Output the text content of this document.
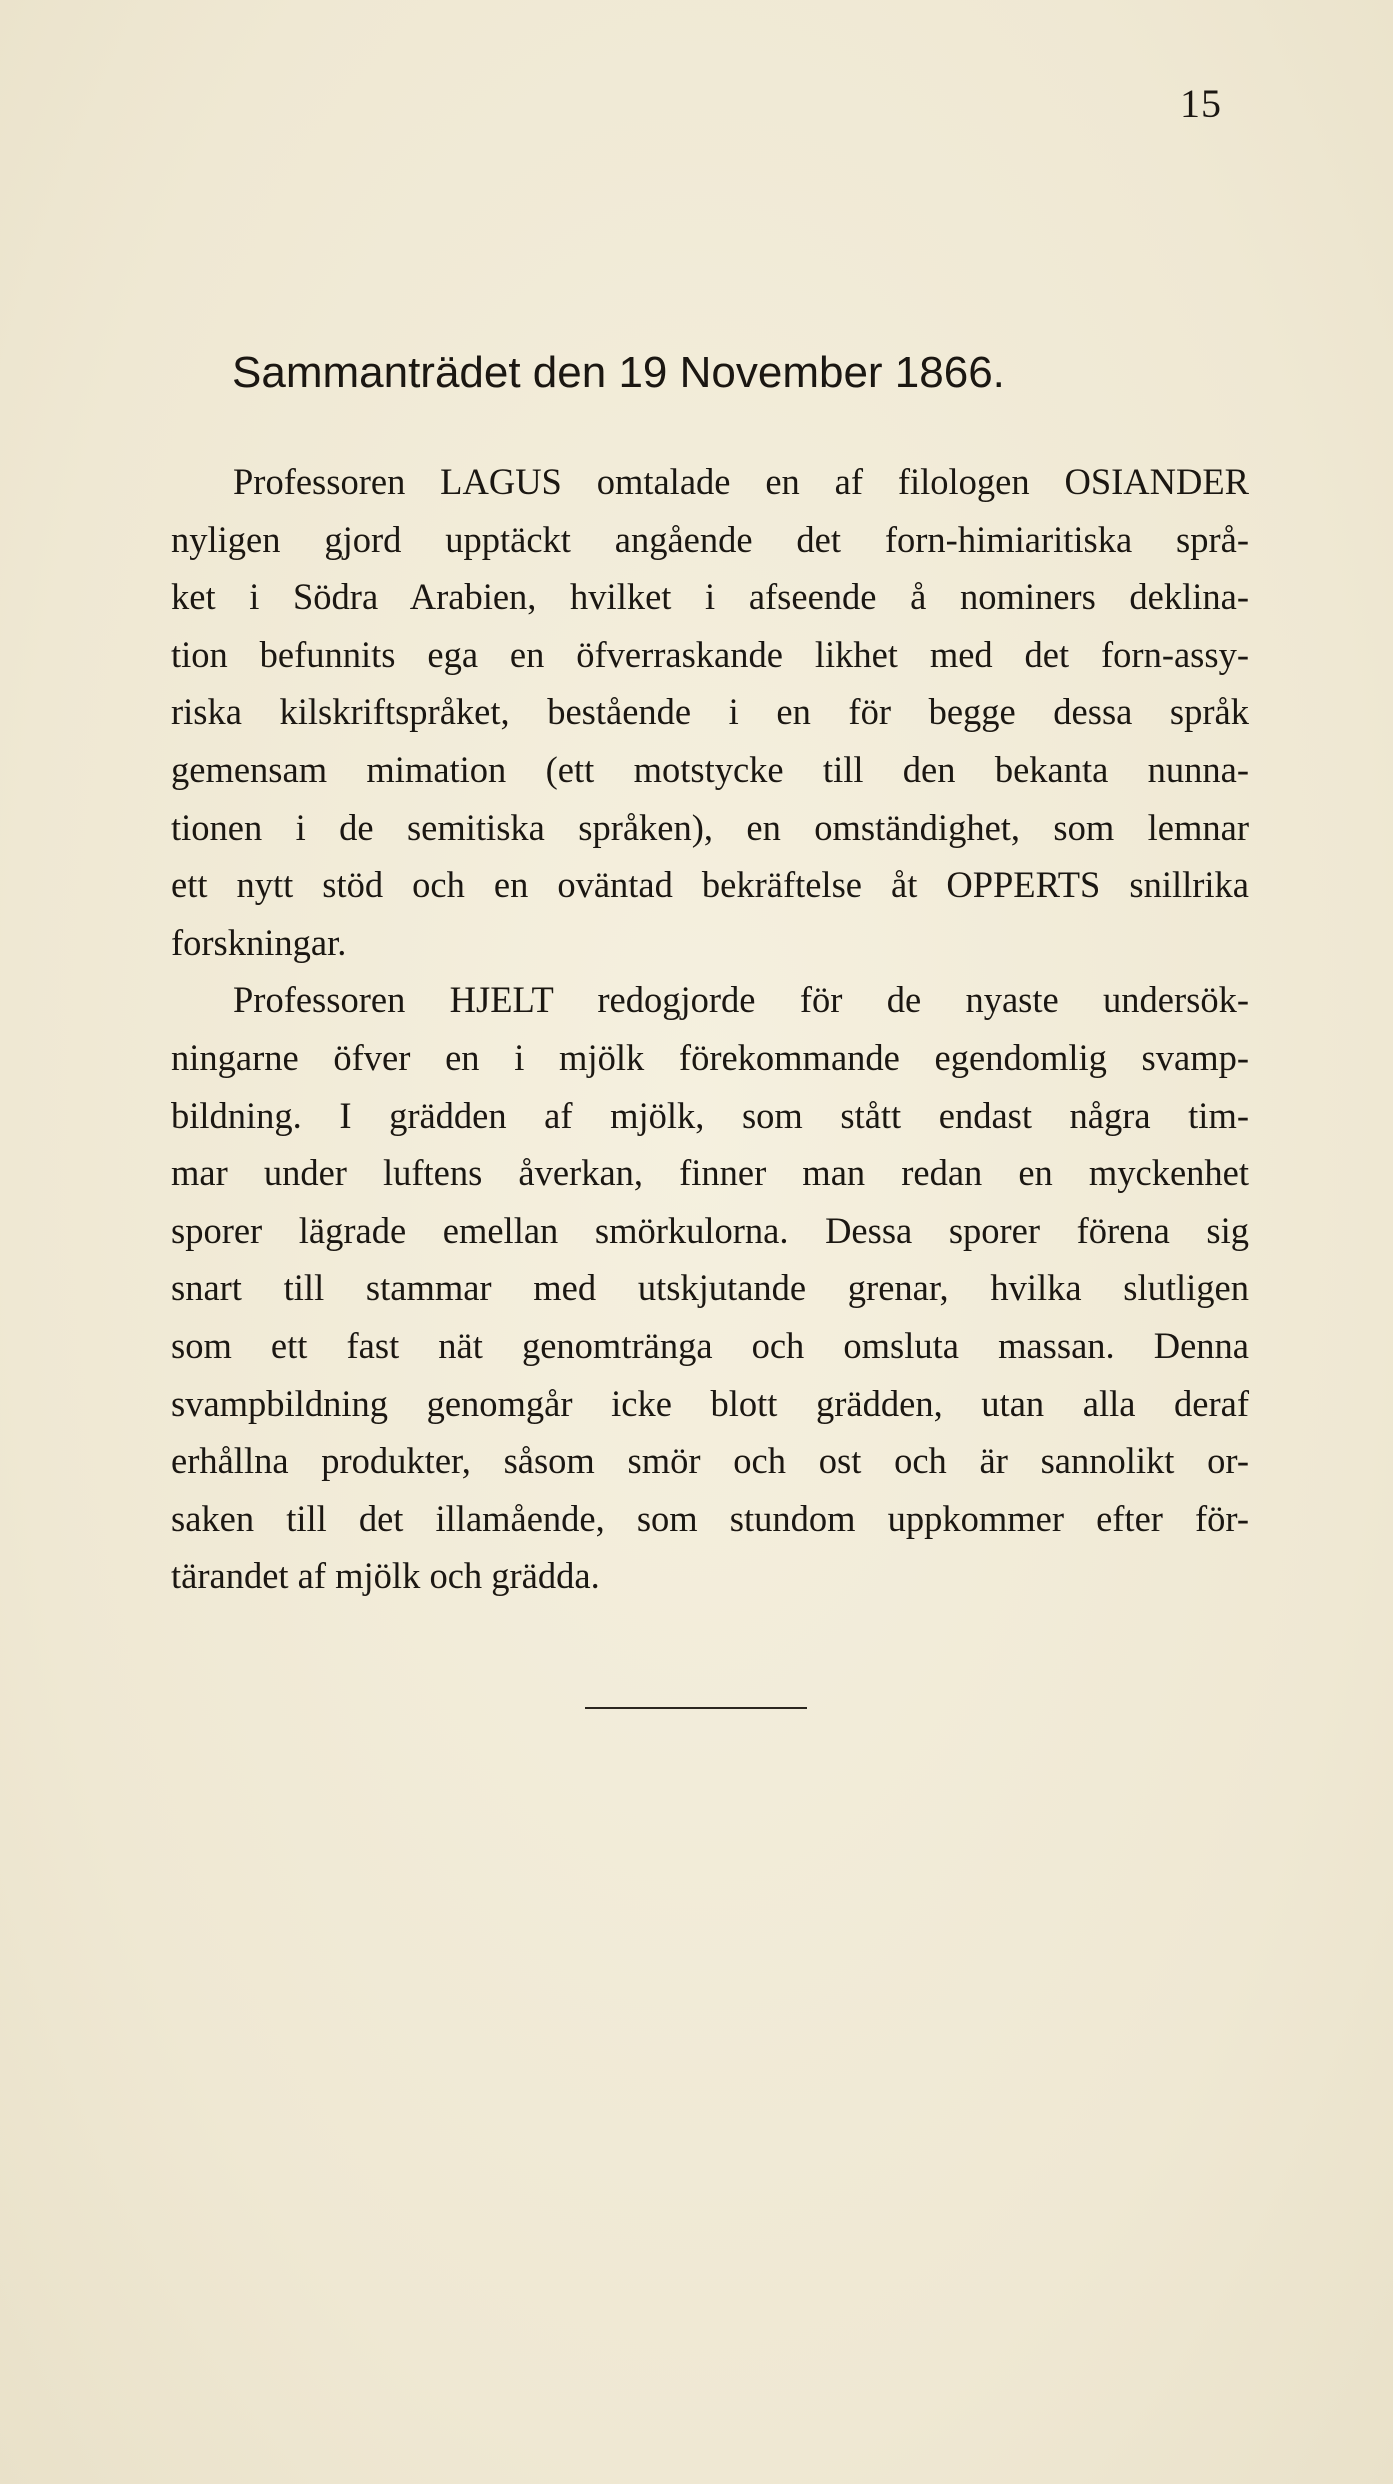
15
Sammanträdet den 19 November 1866.
Professoren LAGUS omtalade en af filologen OSIANDER
nyligen gjord upptäckt angående det forn-himiaritiska språ-
ket i Södra Arabien, hvilket i afseende å nominers deklina-
tion befunnits ega en öfverraskande likhet med det forn-assy-
riska kilskriftspråket, bestående i en för begge dessa språk
gemensam mimation (ett motstycke till den bekanta nunna-
tionen i de semitiska språken), en omständighet, som lemnar
ett nytt stöd och en oväntad bekräftelse åt OPPERTS snillrika
forskningar.
Professoren HJELT redogjorde för de nyaste undersök-
ningarne öfver en i mjölk förekommande egendomlig svamp-
bildning. I grädden af mjölk, som stått endast några tim-
mar under luftens åverkan, finner man redan en myckenhet
sporer lägrade emellan smörkulorna. Dessa sporer förena sig
snart till stammar med utskjutande grenar, hvilka slutligen
som ett fast nät genomtränga och omsluta massan. Denna
svampbildning genomgår icke blott grädden, utan alla deraf
erhållna produkter, såsom smör och ost och är sannolikt or-
saken till det illamående, som stundom uppkommer efter för-
tärandet af mjölk och grädda.
